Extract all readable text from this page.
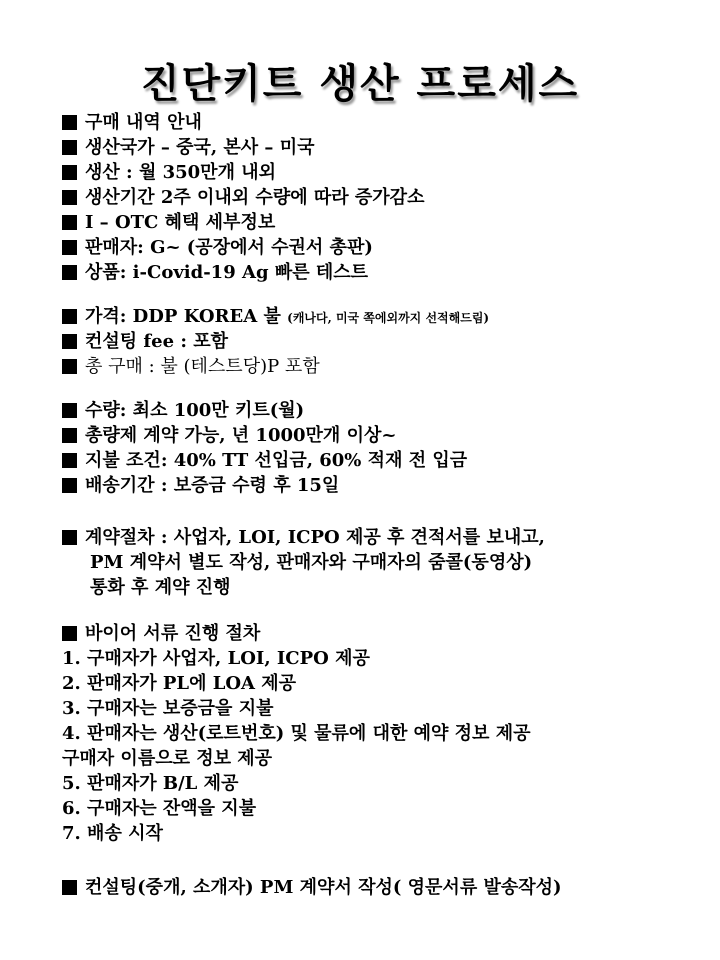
진단키트 생산 프로세스
구매 내역 안내
생산국가 – 중국, 본사 – 미국
생산 : 월 350만개 내외
생산기간 2주 이내외 수량에 따라 증가감소
I – OTC 혜택 세부정보
판매자: G~ (공장에서 수권서 총판)
상품: i-Covid-19 Ag 빠른 테스트
가격: DDP KOREA 불 (캐나다, 미국 쪽에외까지 선적해드림)
컨설팅 fee : 포함
총 구매 : 불 (테스트당)P 포함
수량: 최소 100만 키트(월)
총량제 계약 가능, 년 1000만개 이상~
지불 조건: 40% TT 선입금, 60% 적재 전 입금
배송기간 : 보증금 수령 후 15일
계약절차 : 사업자, LOI, ICPO 제공 후 견적서를 보내고,
PM 계약서 별도 작성, 판매자와 구매자의 줌콜(동영상)
통화 후 계약 진행
바이어 서류 진행 절차
1. 구매자가 사업자, LOI, ICPO 제공
2. 판매자가 PL에 LOA 제공
3. 구매자는 보증금을 지불
4. 판매자는 생산(로트번호) 및 물류에 대한 예약 정보 제공
구매자 이름으로 정보 제공
5. 판매자가 B/L 제공
6. 구매자는 잔액을 지불
7. 배송 시작
컨설팅(중개, 소개자) PM 계약서 작성( 영문서류 발송작성)
